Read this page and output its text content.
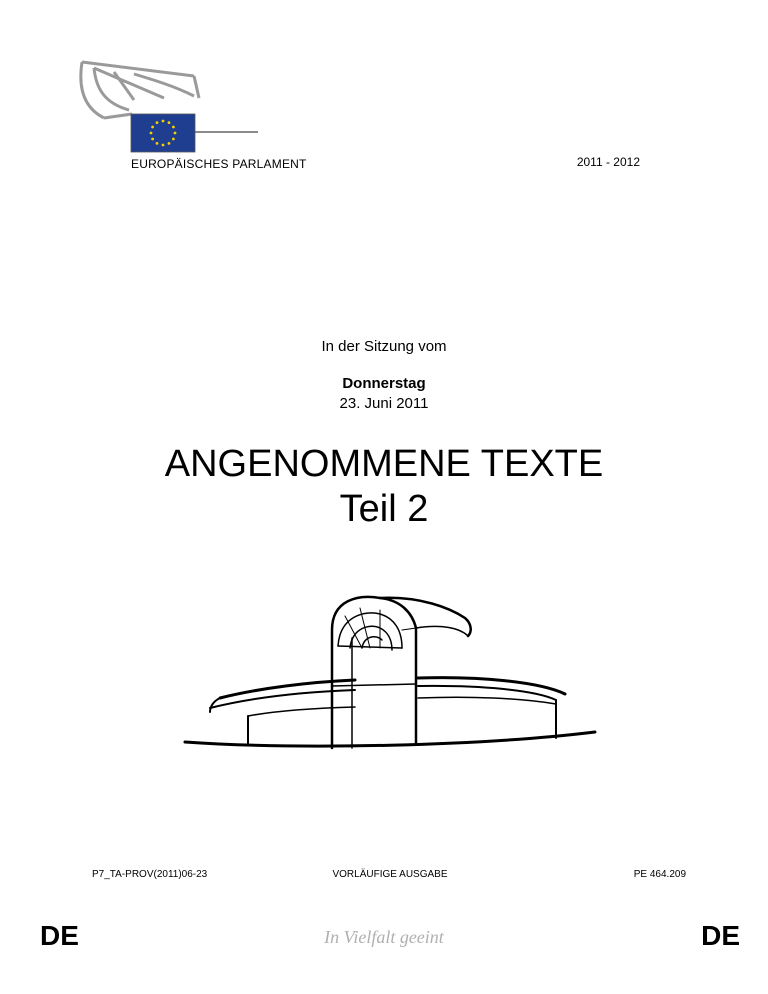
EUROPÄISCHES PARLAMENT	2011 - 2012
In der Sitzung vom
Donnerstag
23. Juni 2011
ANGENOMMENE TEXTE
Teil 2
P7_TA-PROV(2011)06-23	VORLÄUFIGE AUSGABE	PE 464.209
DE	In Vielfalt geeint	DE
